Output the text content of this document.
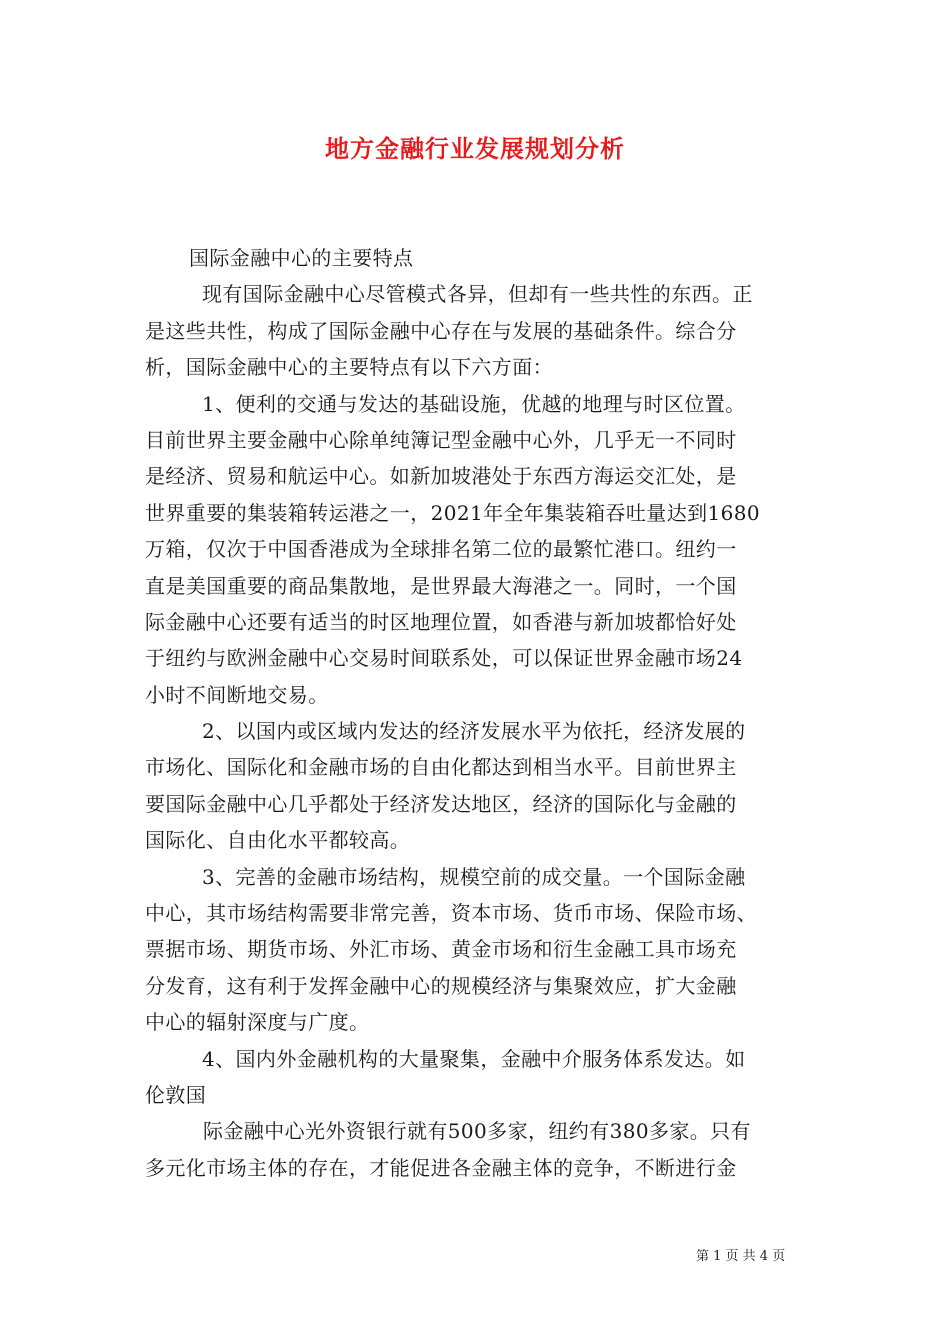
地方金融行业发展规划分析
国际金融中心的主要特点
现有国际金融中心尽管模式各异，但却有一些共性的东西。正
是这些共性，构成了国际金融中心存在与发展的基础条件。综合分
析，国际金融中心的主要特点有以下六方面：
1、便利的交通与发达的基础设施，优越的地理与时区位置。
目前世界主要金融中心除单纯簿记型金融中心外，几乎无一不同时
是经济、贸易和航运中心。如新加坡港处于东西方海运交汇处，是
世界重要的集装箱转运港之一，2021年全年集装箱吞吐量达到1680
万箱，仅次于中国香港成为全球排名第二位的最繁忙港口。纽约一
直是美国重要的商品集散地，是世界最大海港之一。同时，一个国
际金融中心还要有适当的时区地理位置，如香港与新加坡都恰好处
于纽约与欧洲金融中心交易时间联系处，可以保证世界金融市场24
小时不间断地交易。
2、以国内或区域内发达的经济发展水平为依托，经济发展的
市场化、国际化和金融市场的自由化都达到相当水平。目前世界主
要国际金融中心几乎都处于经济发达地区，经济的国际化与金融的
国际化、自由化水平都较高。
3、完善的金融市场结构，规模空前的成交量。一个国际金融
中心，其市场结构需要非常完善，资本市场、货币市场、保险市场、
票据市场、期货市场、外汇市场、黄金市场和衍生金融工具市场充
分发育，这有利于发挥金融中心的规模经济与集聚效应，扩大金融
中心的辐射深度与广度。
4、国内外金融机构的大量聚集，金融中介服务体系发达。如
伦敦国
际金融中心光外资银行就有500多家，纽约有380多家。只有
多元化市场主体的存在，才能促进各金融主体的竞争，不断进行金
第 1 页 共 4 页
